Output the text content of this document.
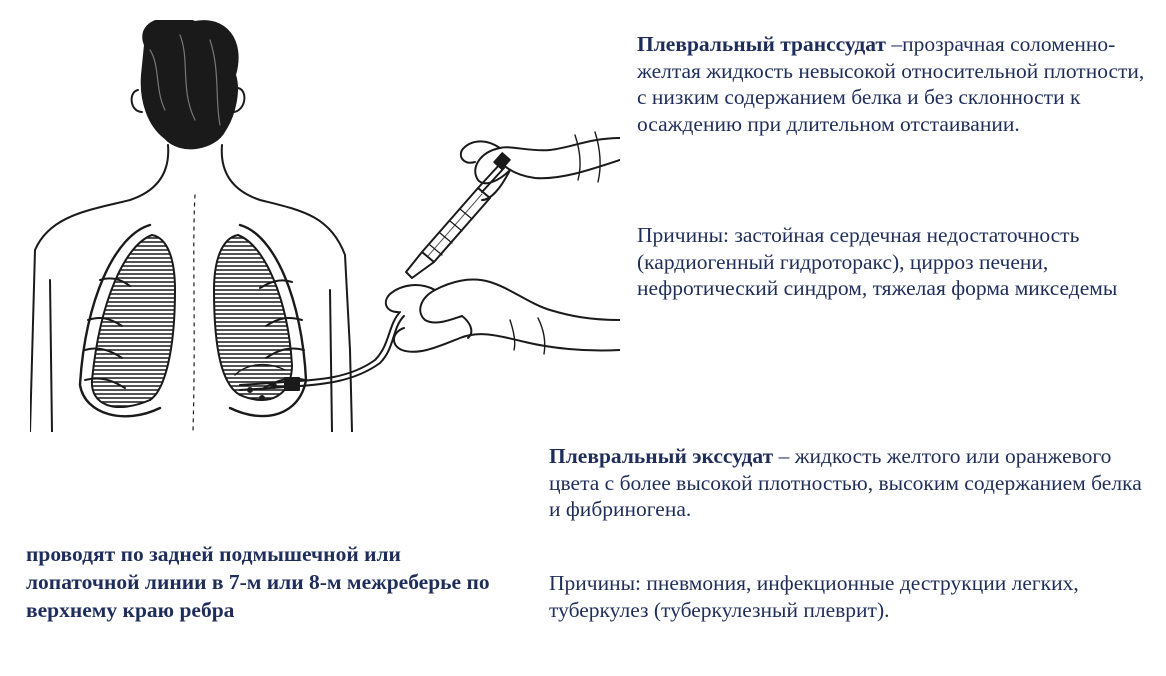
Плевральный транссудат –прозрачная соломенно-желтая жидкость невысокой относительной плотности, с низким содержанием белка и без склонности к осаждению при длительном отстаивании.
Причины: застойная сердечная недостаточность (кардиогенный гидроторакс), цирроз печени, нефротический синдром, тяжелая форма микседемы
Плевральный экссудат – жидкость желтого или оранжевого цвета с более высокой плотностью, высоким содержанием белка и фибриногена.
Причины: пневмония, инфекционные деструкции легких, туберкулез (туберкулезный плеврит).
проводят по задней подмышечной или лопаточной линии в 7-м или 8-м межреберье по верхнему краю ребра
